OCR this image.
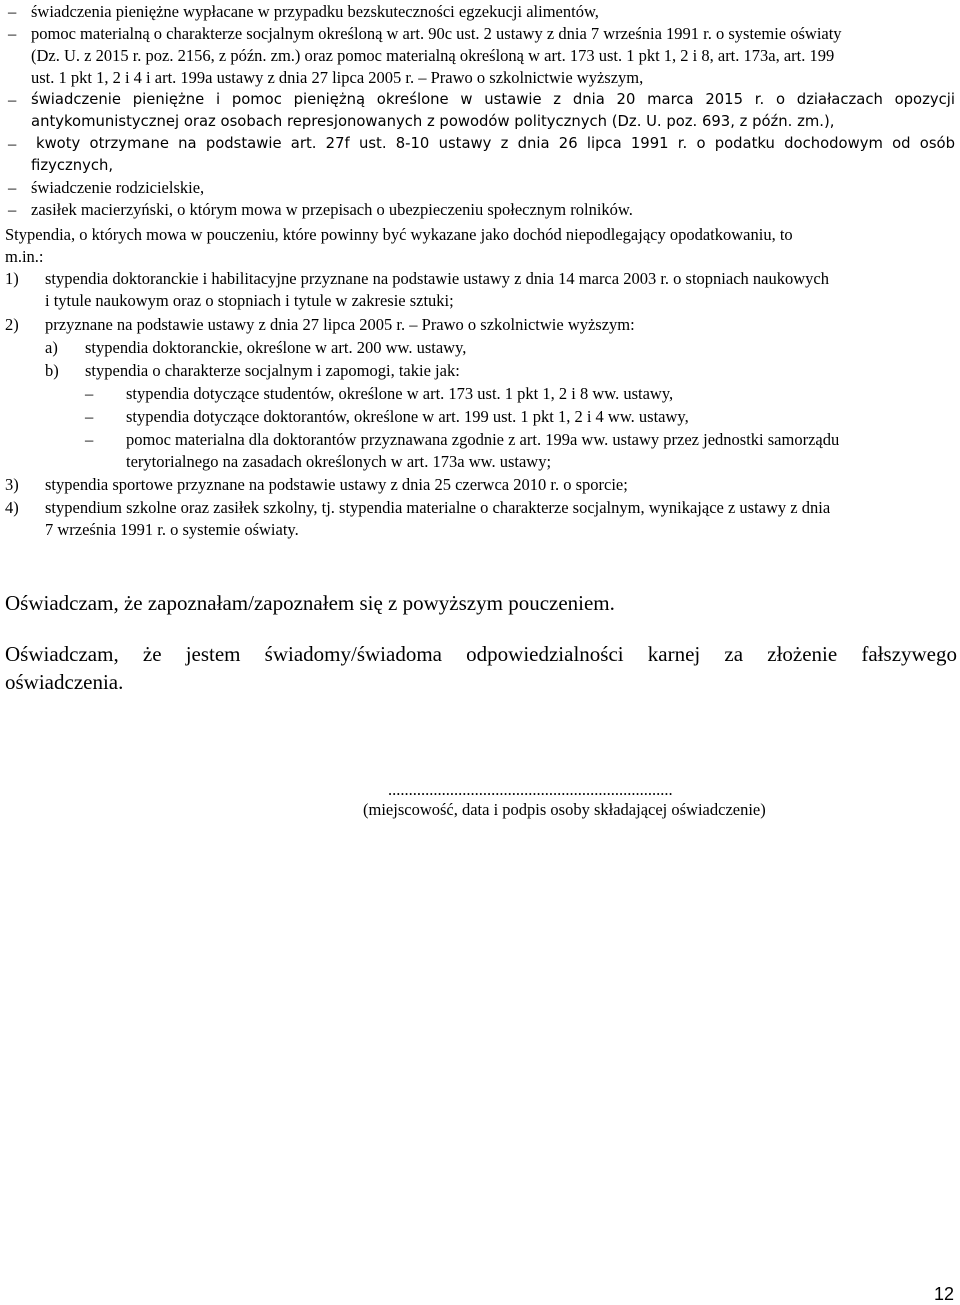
– świadczenia pieniężne wypłacane w przypadku bezskuteczności egzekucji alimentów,
– pomoc materialną o charakterze socjalnym określoną w art. 90c ust. 2 ustawy z dnia 7 września 1991 r. o systemie oświaty
(Dz. U. z 2015 r. poz. 2156, z późn. zm.) oraz pomoc materialną określoną w art. 173 ust. 1 pkt 1, 2 i 8, art. 173a, art. 199
ust. 1 pkt 1, 2 i 4 i art. 199a ustawy z dnia 27 lipca 2005 r. – Prawo o szkolnictwie wyższym,
– świadczenie pieniężne i pomoc pieniężną określone w ustawie z dnia 20 marca 2015 r. o działaczach opozycji
antykomunistycznej oraz osobach represjonowanych z powodów politycznych (Dz. U. poz. 693, z późn. zm.),
– kwoty otrzymane na podstawie art. 27f ust. 8-10 ustawy z dnia 26 lipca 1991 r. o podatku dochodowym od osób
fizycznych,
– świadczenie rodzicielskie,
– zasiłek macierzyński, o którym mowa w przepisach o ubezpieczeniu społecznym rolników.
Stypendia, o których mowa w pouczeniu, które powinny być wykazane jako dochód niepodlegający opodatkowaniu, to
m.in.:
1) stypendia doktoranckie i habilitacyjne przyznane na podstawie ustawy z dnia 14 marca 2003 r. o stopniach naukowych
i tytule naukowym oraz o stopniach i tytule w zakresie sztuki;
2) przyznane na podstawie ustawy z dnia 27 lipca 2005 r. – Prawo o szkolnictwie wyższym:
a) stypendia doktoranckie, określone w art. 200 ww. ustawy,
b) stypendia o charakterze socjalnym i zapomogi, takie jak:
– stypendia dotyczące studentów, określone w art. 173 ust. 1 pkt 1, 2 i 8 ww. ustawy,
– stypendia dotyczące doktorantów, określone w art. 199 ust. 1 pkt 1, 2 i 4 ww. ustawy,
– pomoc materialna dla doktorantów przyznawana zgodnie z art. 199a ww. ustawy przez jednostki samorządu
terytorialnego na zasadach określonych w art. 173a ww. ustawy;
3) stypendia sportowe przyznane na podstawie ustawy z dnia 25 czerwca 2010 r. o sporcie;
4) stypendium szkolne oraz zasiłek szkolny, tj. stypendia materialne o charakterze socjalnym, wynikające z ustawy z dnia
7 września 1991 r. o systemie oświaty.
Oświadczam, że zapoznałam/zapoznałem się z powyższym pouczeniem.
Oświadczam, że jestem świadomy/świadoma odpowiedzialności karnej za złożenie fałszywego
oświadczenia.
.....................................................................
(miejscowość, data i podpis osoby składającej oświadczenie)
12
